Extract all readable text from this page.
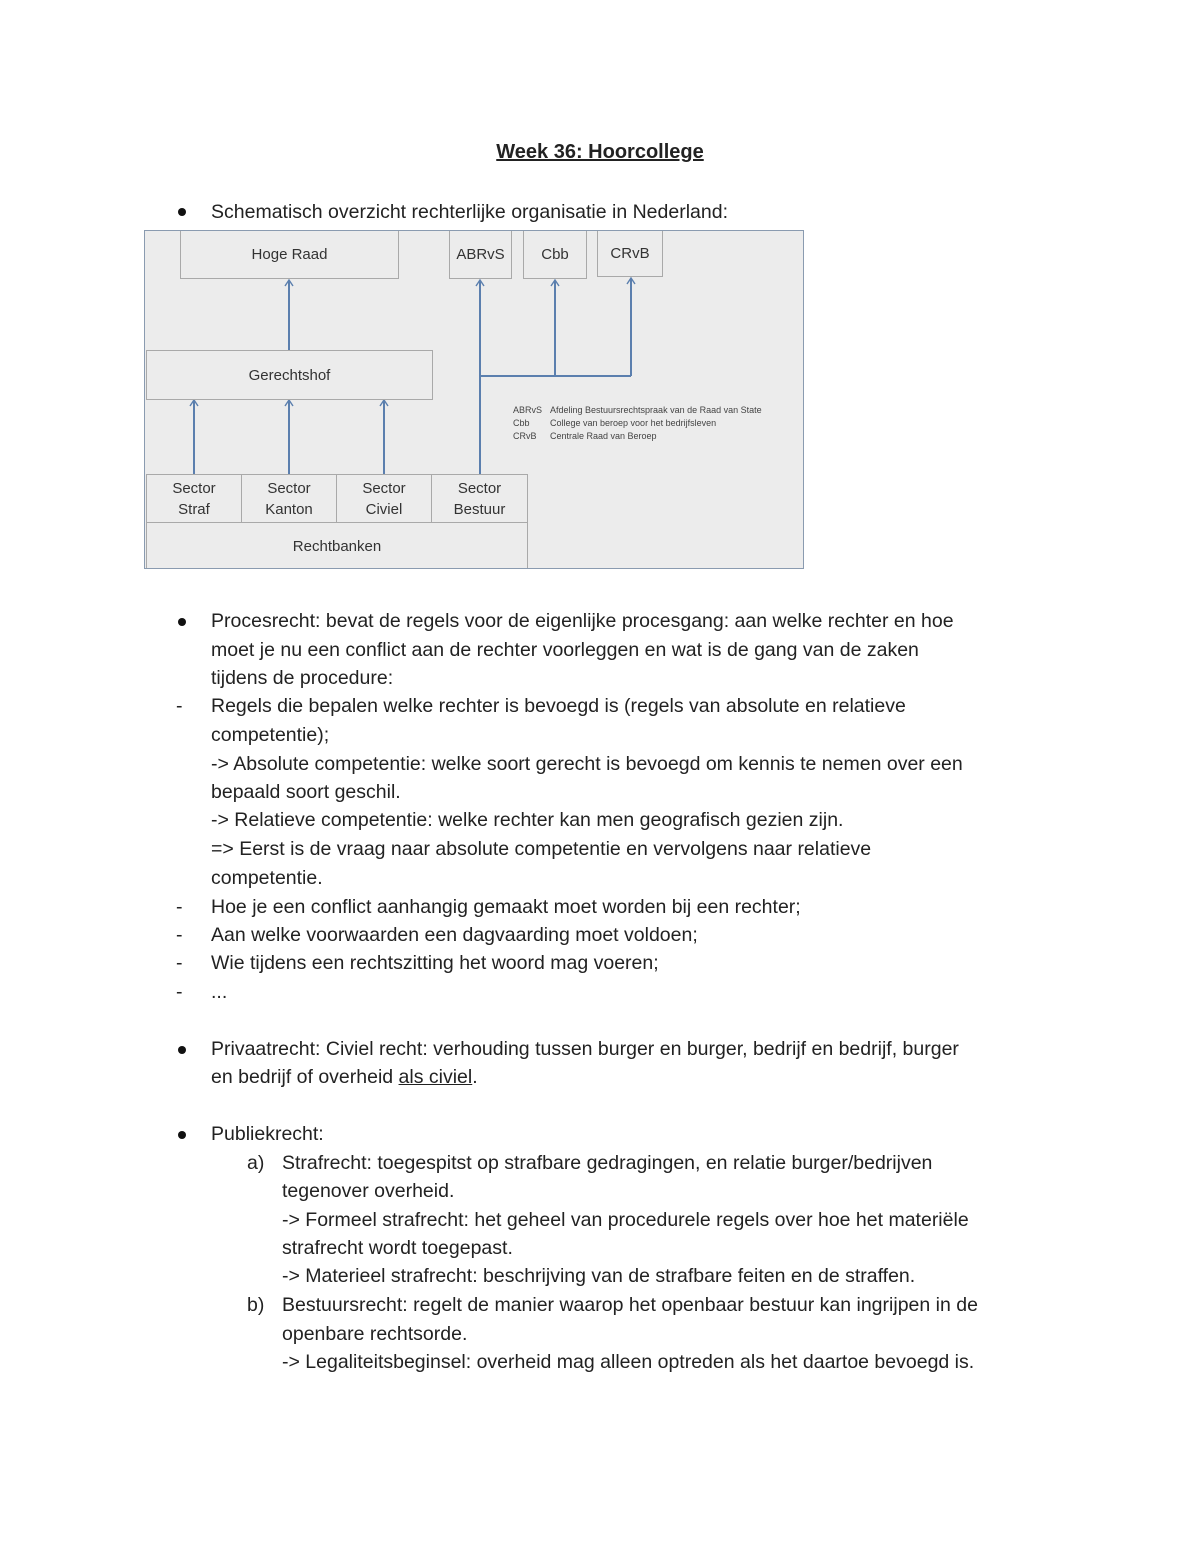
Week 36: Hoorcollege
Schematisch overzicht rechterlijke organisatie in Nederland:
Hoge Raad	ABRvS	Cbb	CRvB
Gerechtshof
Sector
Straf
Sector
Kanton
Sector
Civiel
Sector
Bestuur
Rechtbanken
ABRvS Afdeling Bestuursrechtspraak van de Raad van State
Cbb College van beroep voor het bedrijfsleven
CRvB Centrale Raad van Beroep
Procesrecht: bevat de regels voor de eigenlijke procesgang: aan welke rechter en hoe
moet je nu een conflict aan de rechter voorleggen en wat is de gang van de zaken
tijdens de procedure:
- Regels die bepalen welke rechter is bevoegd is (regels van absolute en relatieve
competentie);
-> Absolute competentie: welke soort gerecht is bevoegd om kennis te nemen over een
bepaald soort geschil.
-> Relatieve competentie: welke rechter kan men geografisch gezien zijn.
=> Eerst is de vraag naar absolute competentie en vervolgens naar relatieve
competentie.
- Hoe je een conflict aanhangig gemaakt moet worden bij een rechter;
- Aan welke voorwaarden een dagvaarding moet voldoen;
- Wie tijdens een rechtszitting het woord mag voeren;
- ...
Privaatrecht: Civiel recht: verhouding tussen burger en burger, bedrijf en bedrijf, burger
en bedrijf of overheid als civiel.
Publiekrecht:
a) Strafrecht: toegespitst op strafbare gedragingen, en relatie burger/bedrijven
tegenover overheid.
-> Formeel strafrecht: het geheel van procedurele regels over hoe het materiële
strafrecht wordt toegepast.
-> Materieel strafrecht: beschrijving van de strafbare feiten en de straffen.
b) Bestuursrecht: regelt de manier waarop het openbaar bestuur kan ingrijpen in de
openbare rechtsorde.
-> Legaliteitsbeginsel: overheid mag alleen optreden als het daartoe bevoegd is.
